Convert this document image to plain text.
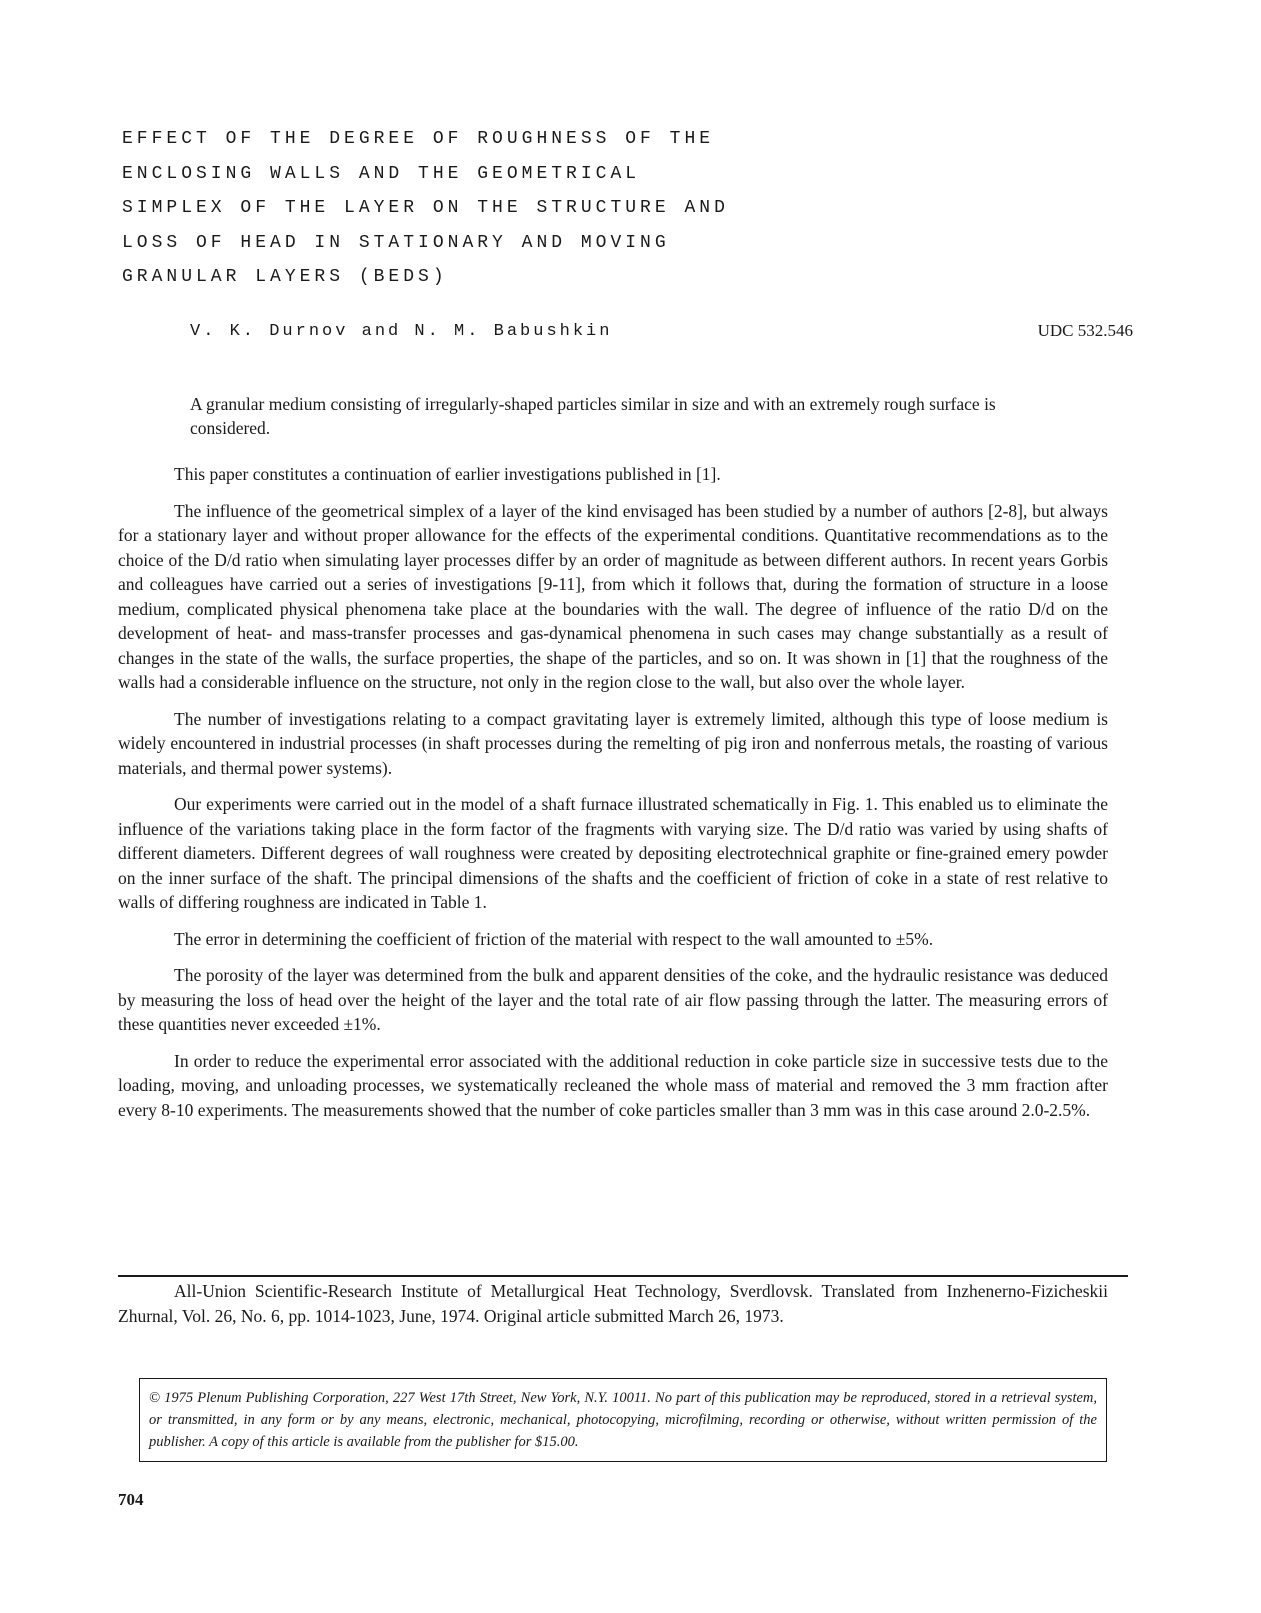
EFFECT OF THE DEGREE OF ROUGHNESS OF THE
ENCLOSING WALLS AND THE GEOMETRICAL
SIMPLEX OF THE LAYER ON THE STRUCTURE AND
LOSS OF HEAD IN STATIONARY AND MOVING
GRANULAR LAYERS (BEDS)

V. K. Durnov and N. M. Babushkin	UDC 532.546

A granular medium consisting of irregularly-shaped particles similar in size and with an extremely rough surface is considered.

This paper constitutes a continuation of earlier investigations published in [1].

The influence of the geometrical simplex of a layer of the kind envisaged has been studied by a number of authors [2-8], but always for a stationary layer and without proper allowance for the effects of the experimental conditions. Quantitative recommendations as to the choice of the D/d ratio when simulating layer processes differ by an order of magnitude as between different authors. In recent years Gorbis and colleagues have carried out a series of investigations [9-11], from which it follows that, during the formation of structure in a loose medium, complicated physical phenomena take place at the boundaries with the wall. The degree of influence of the ratio D/d on the development of heat- and mass-transfer processes and gas-dynamical phenomena in such cases may change substantially as a result of changes in the state of the walls, the surface properties, the shape of the particles, and so on. It was shown in [1] that the roughness of the walls had a considerable influence on the structure, not only in the region close to the wall, but also over the whole layer.

The number of investigations relating to a compact gravitating layer is extremely limited, although this type of loose medium is widely encountered in industrial processes (in shaft processes during the remelting of pig iron and nonferrous metals, the roasting of various materials, and thermal power systems).

Our experiments were carried out in the model of a shaft furnace illustrated schematically in Fig. 1. This enabled us to eliminate the influence of the variations taking place in the form factor of the fragments with varying size. The D/d ratio was varied by using shafts of different diameters. Different degrees of wall roughness were created by depositing electrotechnical graphite or fine-grained emery powder on the inner surface of the shaft. The principal dimensions of the shafts and the coefficient of friction of coke in a state of rest relative to walls of differing roughness are indicated in Table 1.

The error in determining the coefficient of friction of the material with respect to the wall amounted to ±5%.

The porosity of the layer was determined from the bulk and apparent densities of the coke, and the hydraulic resistance was deduced by measuring the loss of head over the height of the layer and the total rate of air flow passing through the latter. The measuring errors of these quantities never exceeded ±1%.

In order to reduce the experimental error associated with the additional reduction in coke particle size in successive tests due to the loading, moving, and unloading processes, we systematically recleaned the whole mass of material and removed the 3 mm fraction after every 8-10 experiments. The measurements showed that the number of coke particles smaller than 3 mm was in this case around 2.0-2.5%.

All-Union Scientific-Research Institute of Metallurgical Heat Technology, Sverdlovsk. Translated from Inzhenerno-Fizicheskii Zhurnal, Vol. 26, No. 6, pp. 1014-1023, June, 1974. Original article submitted March 26, 1973.

© 1975 Plenum Publishing Corporation, 227 West 17th Street, New York, N.Y. 10011. No part of this publication may be reproduced, stored in a retrieval system, or transmitted, in any form or by any means, electronic, mechanical, photocopying, microfilming, recording or otherwise, without written permission of the publisher. A copy of this article is available from the publisher for $15.00.

704
